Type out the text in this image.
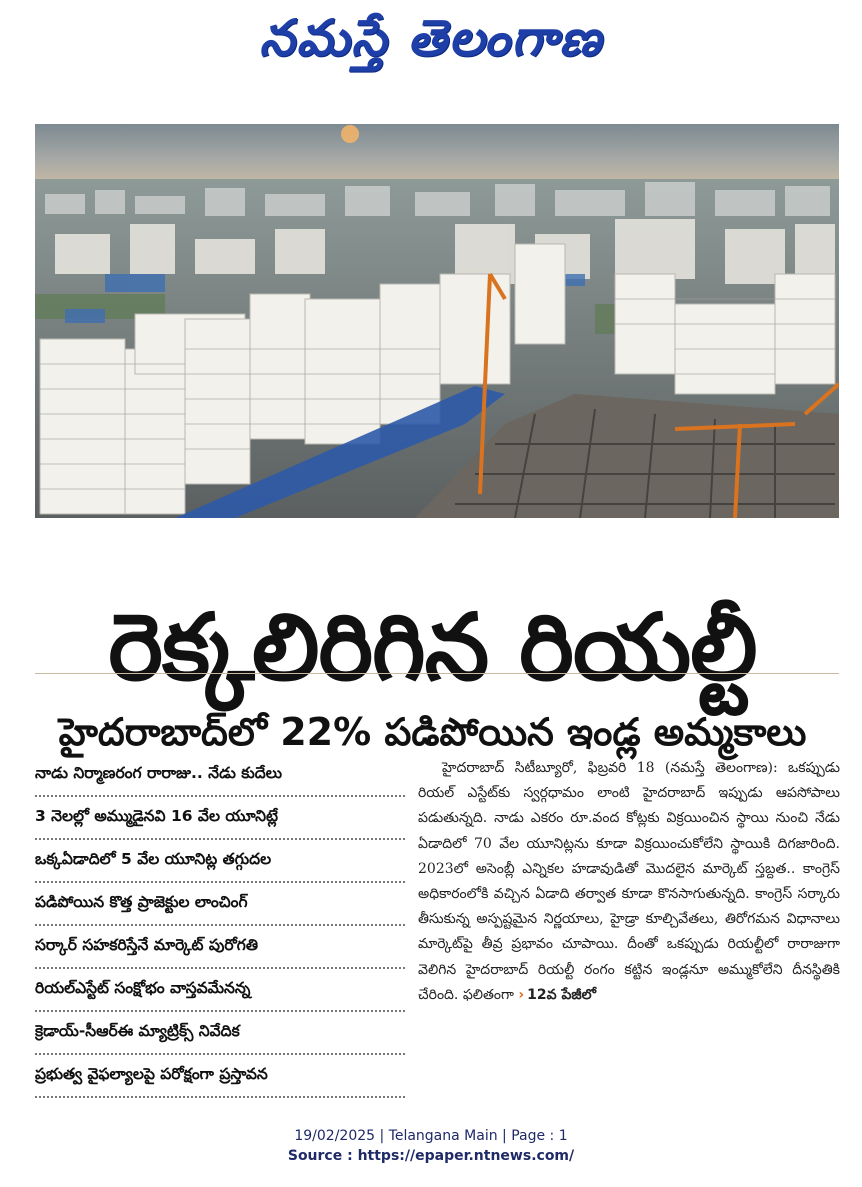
నమస్తే తెలంగాణ
రెక్కలిరిగిన రియల్టీ
హైదరాబాద్‌లో 22% పడిపోయిన ఇండ్ల అమ్మకాలు
నాడు నిర్మాణరంగ రారాజు.. నేడు కుదేలు
3 నెలల్లో అమ్ముడైనవి 16 వేల యూనిట్లే
ఒక్కఏడాదిలో 5 వేల యూనిట్ల తగ్గుదల
పడిపోయిన కొత్త ప్రాజెక్టుల లాంచింగ్
సర్కార్ సహకరిస్తేనే మార్కెట్ పురోగతి
రియల్‌ఎస్టేట్ సంక్షోభం వాస్తవమేనన్న
క్రెడాయ్-సీఆర్ఈ మ్యాట్రిక్స్ నివేదిక
ప్రభుత్వ వైఫల్యాలపై పరోక్షంగా ప్రస్తావన
హైదరాబాద్ సిటీబ్యూరో, ఫిబ్రవరి 18 (నమస్తే తెలంగాణ): ఒకప్పుడు రియల్ ఎస్టేట్‌కు స్వర్గధామం లాంటి హైదరాబాద్ ఇప్పుడు ఆపసోపాలు పడుతున్నది. నాడు ఎకరం రూ.వంద కోట్లకు విక్రయించిన స్థాయి నుంచి నేడు ఏడాదిలో 70 వేల యూనిట్లను కూడా విక్రయించుకోలేని స్థాయికి దిగజారింది. 2023లో అసెంబ్లీ ఎన్నికల హడావుడితో మొదలైన మార్కెట్ స్తబ్దత.. కాంగ్రెస్ అధికారంలోకి వచ్చిన ఏడాది తర్వాత కూడా కొనసాగుతున్నది. కాంగ్రెస్ సర్కారు తీసుకున్న అస్పష్టమైన నిర్ణయాలు, హైడ్రా కూల్చివేతలు, తిరోగమన విధానాలు మార్కెట్‌పై తీవ్ర ప్రభావం చూపాయి. దీంతో ఒకప్పుడు రియల్టీలో రారాజుగా వెలిగిన హైదరాబాద్ రియల్టీ రంగం కట్టిన ఇండ్లనూ అమ్ముకోలేని దీనస్థితికి చేరింది. ఫలితంగా › 12వ పేజీలో
19/02/2025 | Telangana Main | Page : 1
Source : https://epaper.ntnews.com/
